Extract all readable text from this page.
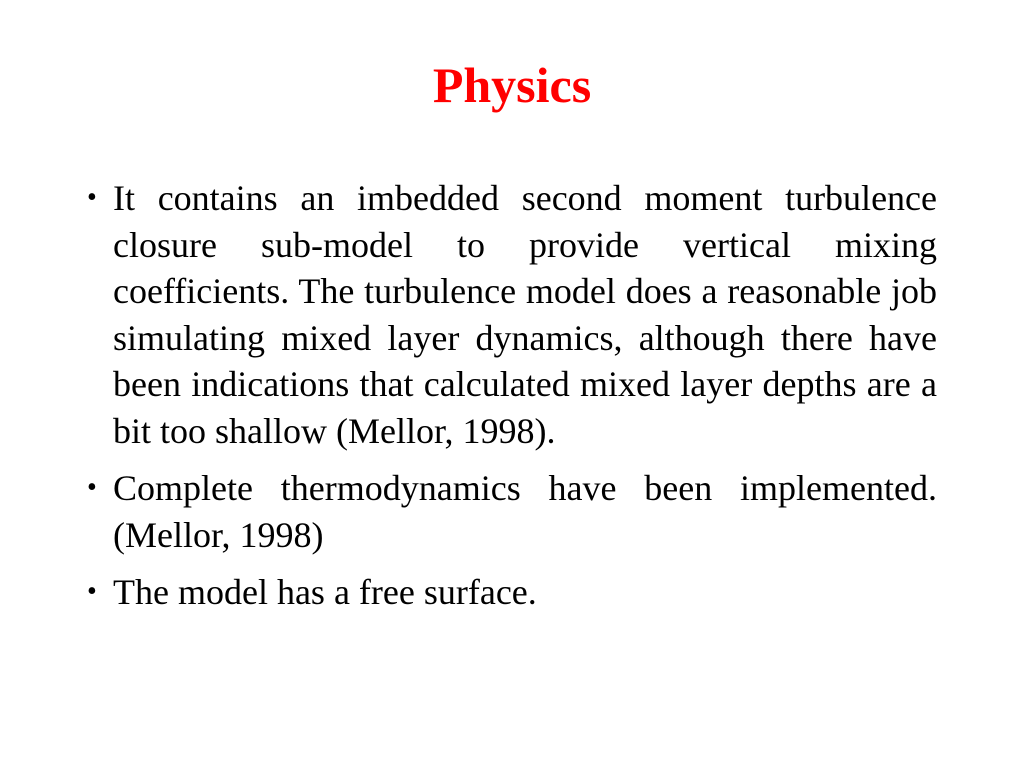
Physics
• It contains an imbedded second moment turbulence closure sub-model to provide vertical mixing coefficients. The turbulence model does a reasonable job simulating mixed layer dynamics, although there have been indications that calculated mixed layer depths are a bit too shallow (Mellor, 1998).
• Complete thermodynamics have been implemented. (Mellor, 1998)
• The model has a free surface.
